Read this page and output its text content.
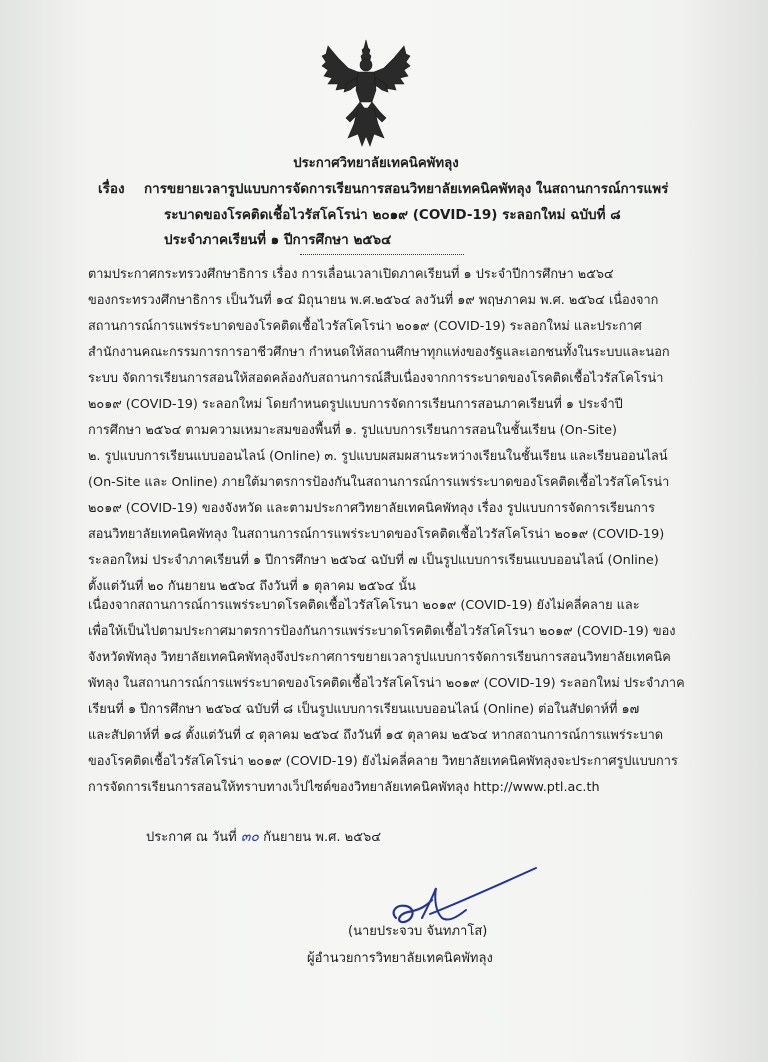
ประกาศวิทยาลัยเทคนิคพัทลุง
เรื่อง การขยายเวลารูปแบบการจัดการเรียนการสอนวิทยาลัยเทคนิคพัทลุง ในสถานการณ์การแพร่
ระบาดของโรคติดเชื้อไวรัสโคโรน่า ๒๐๑๙ (COVID-19) ระลอกใหม่ ฉบับที่ ๘
ประจำภาคเรียนที่ ๑ ปีการศึกษา ๒๕๖๔
ตามประกาศกระทรวงศึกษาธิการ เรื่อง การเลื่อนเวลาเปิดภาคเรียนที่ ๑ ประจำปีการศึกษา ๒๕๖๔
ของกระทรวงศึกษาธิการ เป็นวันที่ ๑๔ มิถุนายน พ.ศ.๒๕๖๔ ลงวันที่ ๑๙ พฤษภาคม พ.ศ. ๒๕๖๔ เนื่องจาก
สถานการณ์การแพร่ระบาดของโรคติดเชื้อไวรัสโคโรน่า ๒๐๑๙ (COVID-19) ระลอกใหม่ และประกาศ
สำนักงานคณะกรรมการการอาชีวศึกษา กำหนดให้สถานศึกษาทุกแห่งของรัฐและเอกชนทั้งในระบบและนอก
ระบบ จัดการเรียนการสอนให้สอดคล้องกับสถานการณ์สืบเนื่องจากการระบาดของโรคติดเชื้อไวรัสโคโรน่า
๒๐๑๙ (COVID-19) ระลอกใหม่ โดยกำหนดรูปแบบการจัดการเรียนการสอนภาคเรียนที่ ๑ ประจำปี
การศึกษา ๒๕๖๔ ตามความเหมาะสมของพื้นที่ ๑. รูปแบบการเรียนการสอนในชั้นเรียน (On-Site)
๒. รูปแบบการเรียนแบบออนไลน์ (Online) ๓. รูปแบบผสมผสานระหว่างเรียนในชั้นเรียน และเรียนออนไลน์
(On-Site และ Online) ภายใต้มาตรการป้องกันในสถานการณ์การแพร่ระบาดของโรคติดเชื้อไวรัสโคโรน่า
๒๐๑๙ (COVID-19) ของจังหวัด และตามประกาศวิทยาลัยเทคนิคพัทลุง เรื่อง รูปแบบการจัดการเรียนการ
สอนวิทยาลัยเทคนิคพัทลุง ในสถานการณ์การแพร่ระบาดของโรคติดเชื้อไวรัสโคโรน่า ๒๐๑๙ (COVID-19)
ระลอกใหม่ ประจำภาคเรียนที่ ๑ ปีการศึกษา ๒๕๖๔ ฉบับที่ ๗ เป็นรูปแบบการเรียนแบบออนไลน์ (Online)
ตั้งแต่วันที่ ๒๐ กันยายน ๒๕๖๔ ถึงวันที่ ๑ ตุลาคม ๒๕๖๔ นั้น
เนื่องจากสถานการณ์การแพร่ระบาดโรคติดเชื้อไวรัสโคโรนา ๒๐๑๙ (COVID-19) ยังไม่คลี่คลาย และ
เพื่อให้เป็นไปตามประกาศมาตรการป้องกันการแพร่ระบาดโรคติดเชื้อไวรัสโคโรนา ๒๐๑๙ (COVID-19) ของ
จังหวัดพัทลุง วิทยาลัยเทคนิคพัทลุงจึงประกาศการขยายเวลารูปแบบการจัดการเรียนการสอนวิทยาลัยเทคนิค
พัทลุง ในสถานการณ์การแพร่ระบาดของโรคติดเชื้อไวรัสโคโรน่า ๒๐๑๙ (COVID-19) ระลอกใหม่ ประจำภาค
เรียนที่ ๑ ปีการศึกษา ๒๕๖๔ ฉบับที่ ๘ เป็นรูปแบบการเรียนแบบออนไลน์ (Online) ต่อในสัปดาห์ที่ ๑๗
และสัปดาห์ที่ ๑๘ ตั้งแต่วันที่ ๔ ตุลาคม ๒๕๖๔ ถึงวันที่ ๑๕ ตุลาคม ๒๕๖๔ หากสถานการณ์การแพร่ระบาด
ของโรคติดเชื้อไวรัสโคโรน่า ๒๐๑๙ (COVID-19) ยังไม่คลี่คลาย วิทยาลัยเทคนิคพัทลุงจะประกาศรูปแบบการ
การจัดการเรียนการสอนให้ทราบทางเว็ปไซต์ของวิทยาลัยเทคนิคพัทลุง http://www.ptl.ac.th
ประกาศ ณ วันที่ ๓๐ กันยายน พ.ศ. ๒๕๖๔
(นายประจวบ จันทภาโส)
ผู้อำนวยการวิทยาลัยเทคนิคพัทลุง
